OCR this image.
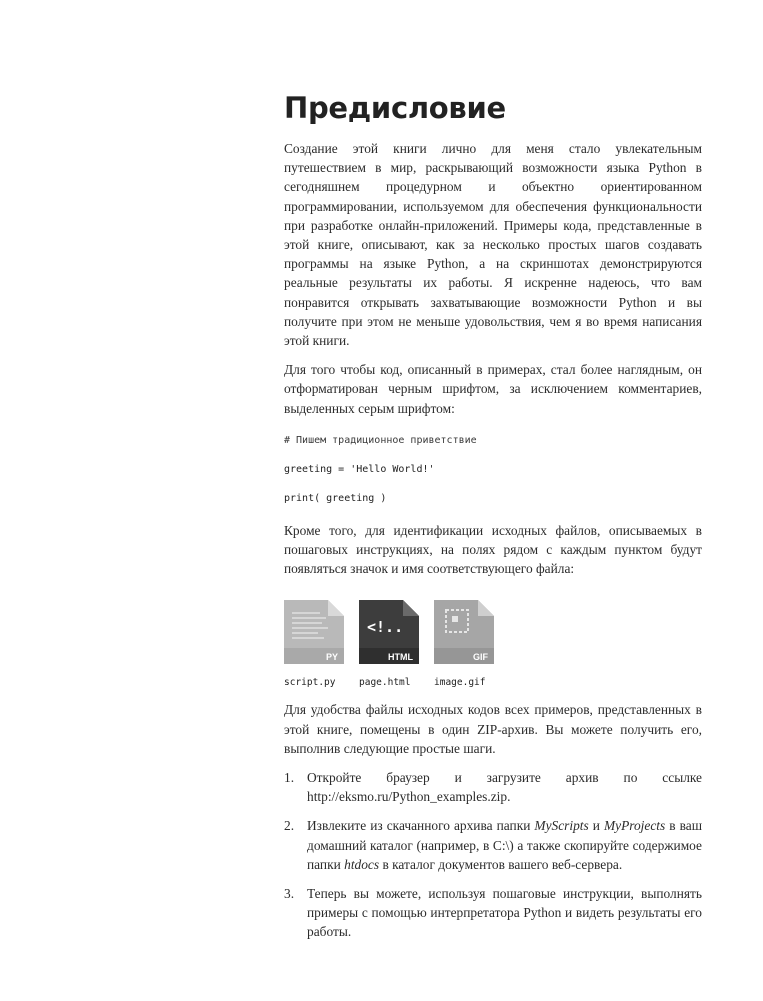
Предисловие

Создание этой книги лично для меня стало увлекательным путешествием в мир, раскрывающий возможности языка Python в сегодняшнем процедурном и объектно ориентированном программировании, используемом для обеспечения функциональности при разработке онлайн-приложений. Примеры кода, представленные в этой книге, описывают, как за несколько простых шагов создавать программы на языке Python, а на скриншотах демонстрируются реальные результаты их работы. Я искренне надеюсь, что вам понравится открывать захватывающие возможности Python и вы получите при этом не меньше удовольствия, чем я во время написания этой книги.

Для того чтобы код, описанный в примерах, стал более наглядным, он отформатирован черным шрифтом, за исключением комментариев, выделенных серым шрифтом:

# Пишем традиционное приветствие
greeting = 'Hello World!'
print( greeting )

Кроме того, для идентификации исходных файлов, описываемых в пошаговых инструкциях, на полях рядом с каждым пунктом будут появляться значок и имя соответствующего файла:

PY
script.py
<!..
HTML
page.html
GIF
image.gif

Для удобства файлы исходных кодов всех примеров, представленных в этой книге, помещены в один ZIP-архив. Вы можете получить его, выполнив следующие простые шаги.

1. Откройте браузер и загрузите архив по ссылке http://eksmo.ru/Python_examples.zip.
2. Извлеките из скачанного архива папки MyScripts и MyProjects в ваш домашний каталог (например, в C:\) а также скопируйте содержимое папки htdocs в каталог документов вашего веб-сервера.
3. Теперь вы можете, используя пошаговые инструкции, выполнять примеры с помощью интерпретатора Python и видеть результаты его работы.
